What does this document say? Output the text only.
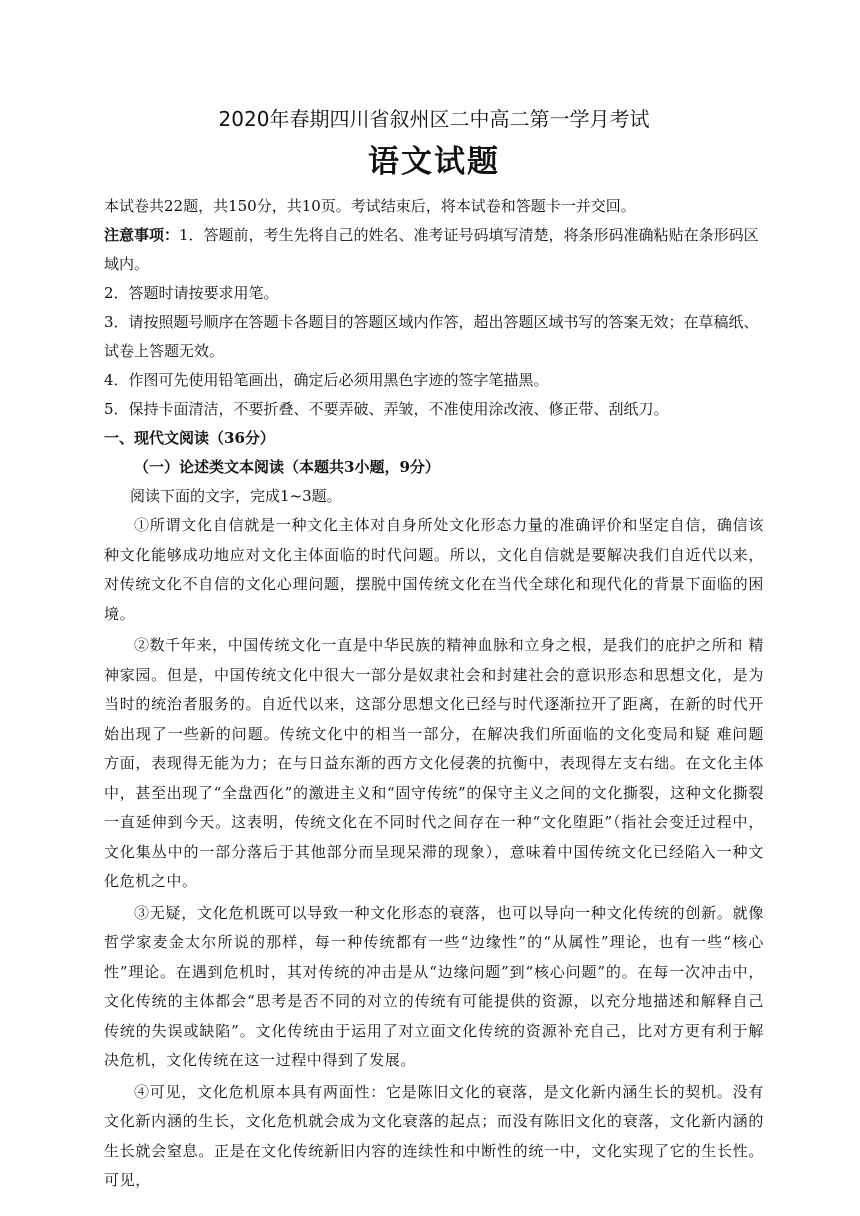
2020年春期四川省叙州区二中高二第一学月考试

语文试题

本试卷共22题，共150分，共10页。考试结束后，将本试卷和答题卡一并交回。

注意事项：1．答题前，考生先将自己的姓名、准考证号码填写清楚，将条形码准确粘贴在条形码区域内。

2．答题时请按要求用笔。

3．请按照题号顺序在答题卡各题目的答题区域内作答，超出答题区域书写的答案无效；在草稿纸、试卷上答题无效。

4．作图可先使用铅笔画出，确定后必须用黑色字迹的签字笔描黑。

5．保持卡面清洁，不要折叠、不要弄破、弄皱，不准使用涂改液、修正带、刮纸刀。

一、现代文阅读（36分）

（一）论述类文本阅读（本题共3小题，9分）

阅读下面的文字，完成1~3题。

①所谓文化自信就是一种文化主体对自身所处文化形态力量的准确评价和坚定自信，确信该种文化能够成功地应对文化主体面临的时代问题。所以，文化自信就是要解决我们自近代以来，对传统文化不自信的文化心理问题，摆脱中国传统文化在当代全球化和现代化的背景下面临的困境。

②数千年来，中国传统文化一直是中华民族的精神血脉和立身之根，是我们的庇护之所和 精神家园。但是，中国传统文化中很大一部分是奴隶社会和封建社会的意识形态和思想文化，是为当时的统治者服务的。自近代以来，这部分思想文化已经与时代逐渐拉开了距离，在新的时代开始出现了一些新的问题。传统文化中的相当一部分，在解决我们所面临的文化变局和疑 难问题方面，表现得无能为力；在与日益东渐的西方文化侵袭的抗衡中，表现得左支右绌。在文化主体中，甚至出现了“全盘西化”的激进主义和“固守传统”的保守主义之间的文化撕裂，这种文化撕裂一直延伸到今天。这表明，传统文化在不同时代之间存在一种“文化堕距”（指社会变迁过程中，文化集丛中的一部分落后于其他部分而呈现呆滞的现象），意味着中国传统文化已经陷入一种文化危机之中。

③无疑，文化危机既可以导致一种文化形态的衰落，也可以导向一种文化传统的创新。就像哲学家麦金太尔所说的那样，每一种传统都有一些“边缘性”的“从属性”理论，也有一些“核心性”理论。在遇到危机时，其对传统的冲击是从“边缘问题”到“核心问题”的。在每一次冲击中，文化传统的主体都会“思考是否不同的对立的传统有可能提供的资源，以充分地描述和解释自己传统的失误或缺陷”。文化传统由于运用了对立面文化传统的资源补充自己，比对方更有利于解决危机，文化传统在这一过程中得到了发展。

④可见，文化危机原本具有两面性：它是陈旧文化的衰落，是文化新内涵生长的契机。没有 文化新内涵的生长，文化危机就会成为文化衰落的起点；而没有陈旧文化的衰落，文化新内涵的 生长就会窒息。正是在文化传统新旧内容的连续性和中断性的统一中，文化实现了它的生长性。可见，
